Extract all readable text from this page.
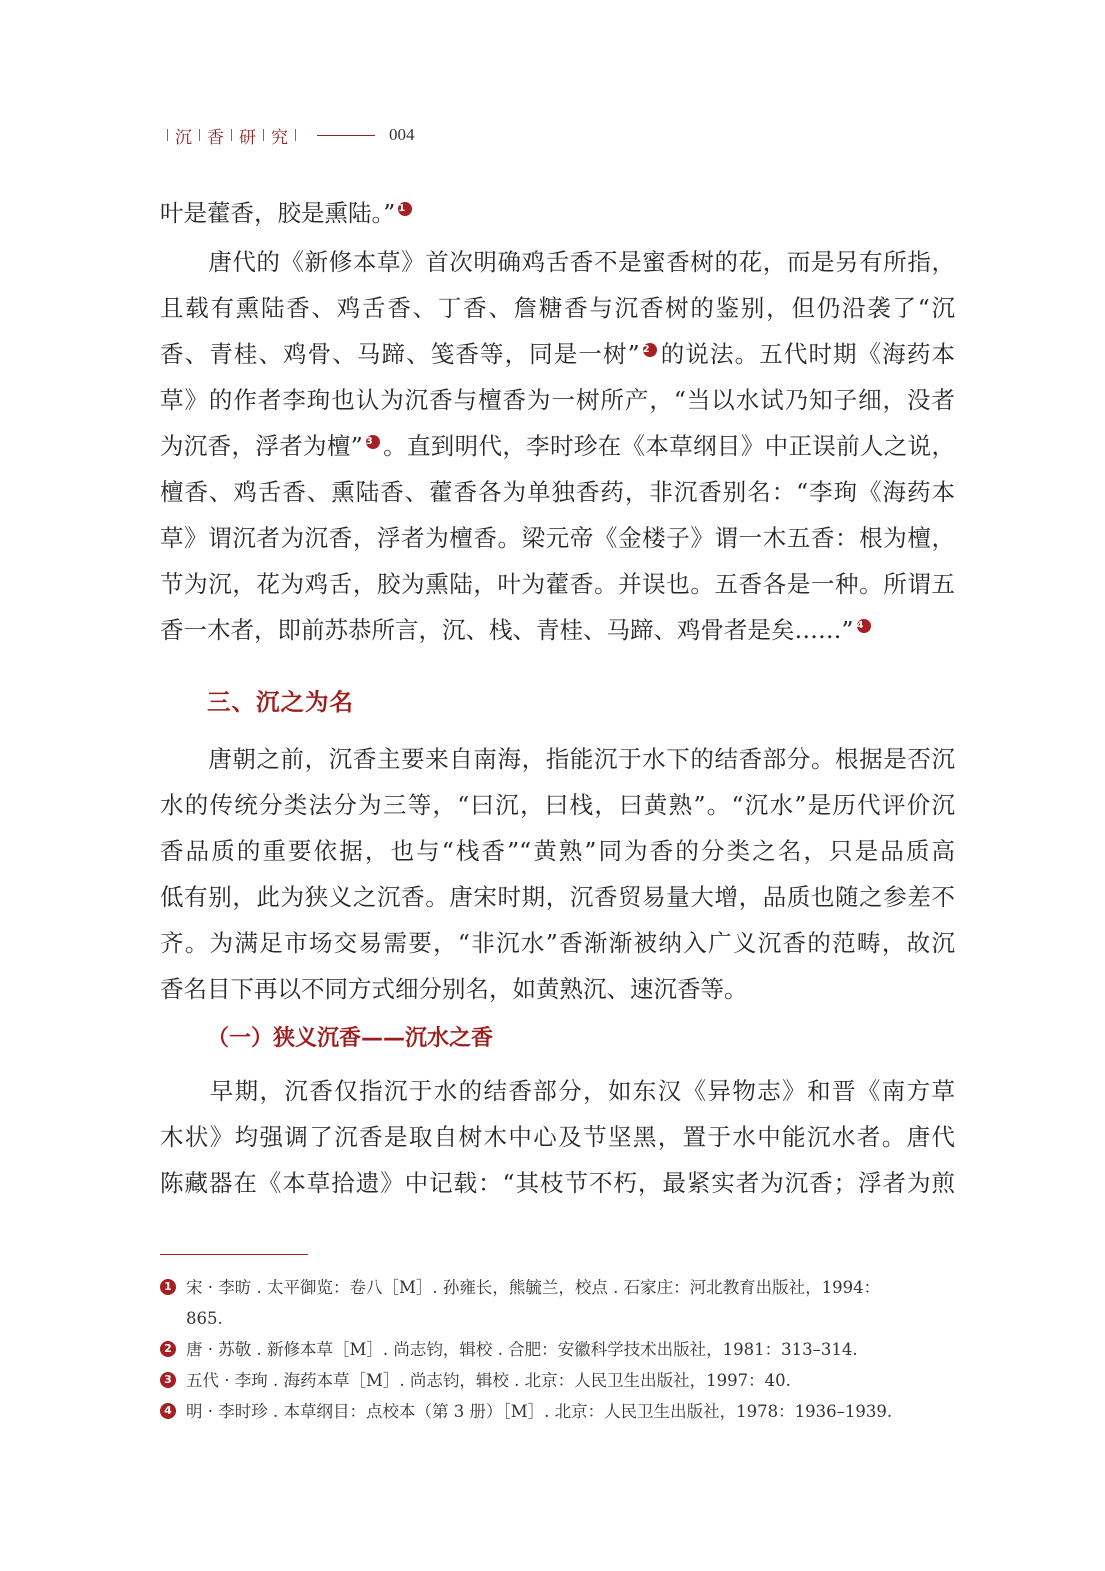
沉 香 研 究	004
叶是藿香，胶是熏陆。” 1
　　唐代的《新修本草》首次明确鸡舌香不是蜜香树的花，而是另有所指，
且载有熏陆香、鸡舌香、丁香、詹糖香与沉香树的鉴别，但仍沿袭了“沉
香、青桂、鸡骨、马蹄、笺香等，同是一树” 2 的说法。五代时期《海药本
草》的作者李珣也认为沉香与檀香为一树所产，“当以水试乃知子细，没者
为沉香，浮者为檀” 3 。直到明代，李时珍在《本草纲目》中正误前人之说，
檀香、鸡舌香、熏陆香、藿香各为单独香药，非沉香别名：“李珣《海药本
草》谓沉者为沉香，浮者为檀香。梁元帝《金楼子》谓一木五香：根为檀，
节为沉，花为鸡舌，胶为熏陆，叶为藿香。并误也。五香各是一种。所谓五
香一木者，即前苏恭所言，沉、栈、青桂、马蹄、鸡骨者是矣……” 4
三、沉之为名
　　唐朝之前，沉香主要来自南海，指能沉于水下的结香部分。根据是否沉
水的传统分类法分为三等，“曰沉，曰栈，曰黄熟”。“沉水”是历代评价沉
香品质的重要依据，也与“栈香”“黄熟”同为香的分类之名，只是品质高
低有别，此为狭义之沉香。唐宋时期，沉香贸易量大增，品质也随之参差不
齐。为满足市场交易需要，“非沉水”香渐渐被纳入广义沉香的范畴，故沉
香名目下再以不同方式细分别名，如黄熟沉、速沉香等。
（一）狭义沉香——沉水之香
　　早期，沉香仅指沉于水的结香部分，如东汉《异物志》和晋《南方草
木状》均强调了沉香是取自树木中心及节坚黑，置于水中能沉水者。唐代
陈藏器在《本草拾遗》中记载：“其枝节不朽，最紧实者为沉香；浮者为煎
1 宋 · 李昉 . 太平御览：卷八［M］. 孙雍长，熊毓兰，校点 . 石家庄：河北教育出版社，1994：
865.
2 唐 · 苏敬 . 新修本草［M］. 尚志钧，辑校 . 合肥：安徽科学技术出版社，1981：313–314.
3 五代 · 李珣 . 海药本草［M］. 尚志钧，辑校 . 北京：人民卫生出版社，1997：40.
4 明 · 李时珍 . 本草纲目：点校本（第 3 册）［M］. 北京：人民卫生出版社，1978：1936–1939.
